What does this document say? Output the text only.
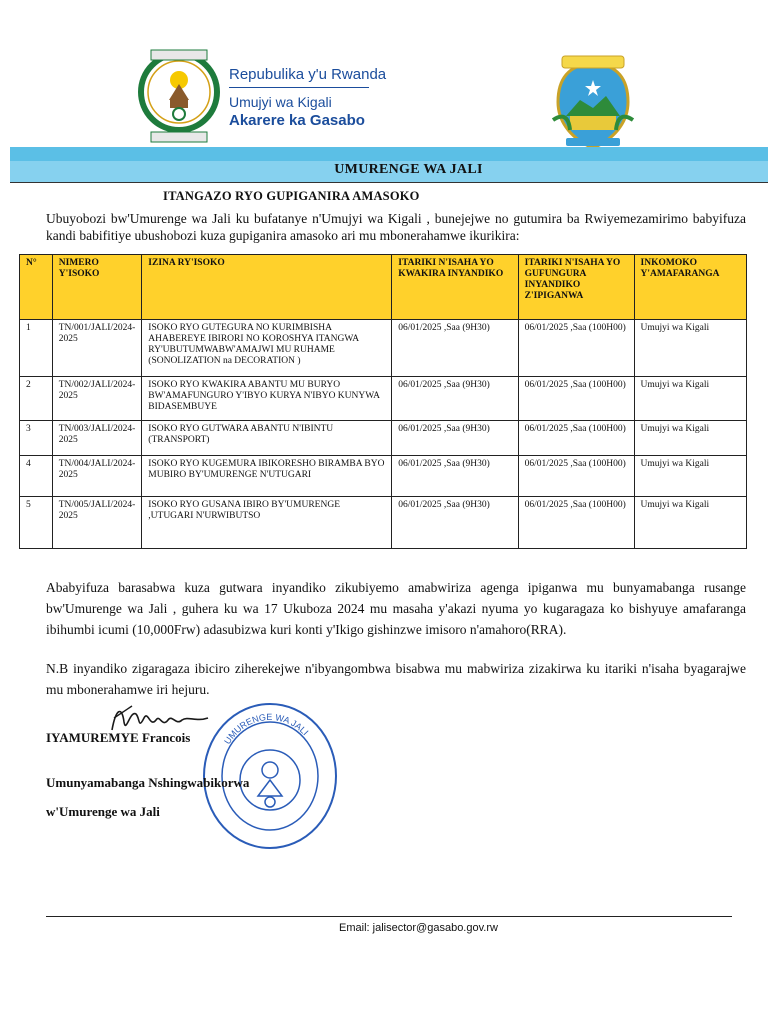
Repubulika y'u Rwanda
Umujyi wa Kigali
Akarere ka Gasabo
UMURENGE WA JALI
ITANGAZO RYO GUPIGANIRA AMASOKO
Ubuyobozi bw'Umurenge wa Jali ku bufatanye n'Umujyi wa Kigali , bunejejwe no gutumira ba Rwiyemezamirimo babyifuza kandi babifitiye ubushobozi kuza gupiganira amasoko ari mu mbonerahamwe ikurikira:
N°	NIMERO Y'ISOKO	IZINA RY'ISOKO	ITARIKI N'ISAHA YO KWAKIRA INYANDIKO	ITARIKI N'ISAHA YO GUFUNGURA INYANDIKO Z'IPIGANWA	INKOMOKO Y'AMAFARANGA
1	TN/001/JALI/2024-2025	ISOKO RYO GUTEGURA NO KURIMBISHA AHABEREYE IBIRORI NO KOROSHYA ITANGWA RY'UBUTUMWABW'AMAJWI MU RUHAME (SONOLIZATION na DECORATION )	06/01/2025 ,Saa (9H30)	06/01/2025 ,Saa (100H00)	Umujyi wa Kigali
2	TN/002/JALI/2024-2025	ISOKO RYO KWAKIRA ABANTU MU BURYO BW'AMAFUNGURO Y'IBYO KURYA N'IBYO KUNYWA BIDASEMBUYE	06/01/2025 ,Saa (9H30)	06/01/2025 ,Saa (100H00)	Umujyi wa Kigali
3	TN/003/JALI/2024-2025	ISOKO RYO GUTWARA ABANTU N'IBINTU (TRANSPORT)	06/01/2025 ,Saa (9H30)	06/01/2025 ,Saa (100H00)	Umujyi wa Kigali
4	TN/004/JALI/2024-2025	ISOKO RYO KUGEMURA IBIKORESHO BIRAMBA BYO MUBIRO BY'UMURENGE N'UTUGARI	06/01/2025 ,Saa (9H30)	06/01/2025 ,Saa (100H00)	Umujyi wa Kigali
5	TN/005/JALI/2024-2025	ISOKO RYO GUSANA IBIRO BY'UMURENGE ,UTUGARI N'URWIBUTSO	06/01/2025 ,Saa (9H30)	06/01/2025 ,Saa (100H00)	Umujyi wa Kigali
Ababyifuza barasabwa kuza gutwara inyandiko zikubiyemo amabwiriza agenga ipiganwa mu bunyamabanga rusange bw'Umurenge wa Jali , guhera ku wa 17 Ukuboza 2024 mu masaha y'akazi nyuma yo kugaragaza ko bishyuye amafaranga ibihumbi icumi (10,000Frw) adasubizwa kuri konti y'Ikigo gishinzwe imisoro n'amahoro(RRA).
N.B inyandiko zigaragaza ibiciro ziherekejwe n'ibyangombwa bisabwa mu mabwiriza zizakirwa ku itariki n'isaha byagarajwe mu mbonerahamwe iri hejuru.
UMURENGE WA JALI
IYAMUREMYE Francois
Umunyamabanga Nshingwabikorwa
w'Umurenge wa Jali
Email: jalisector@gasabo.gov.rw
